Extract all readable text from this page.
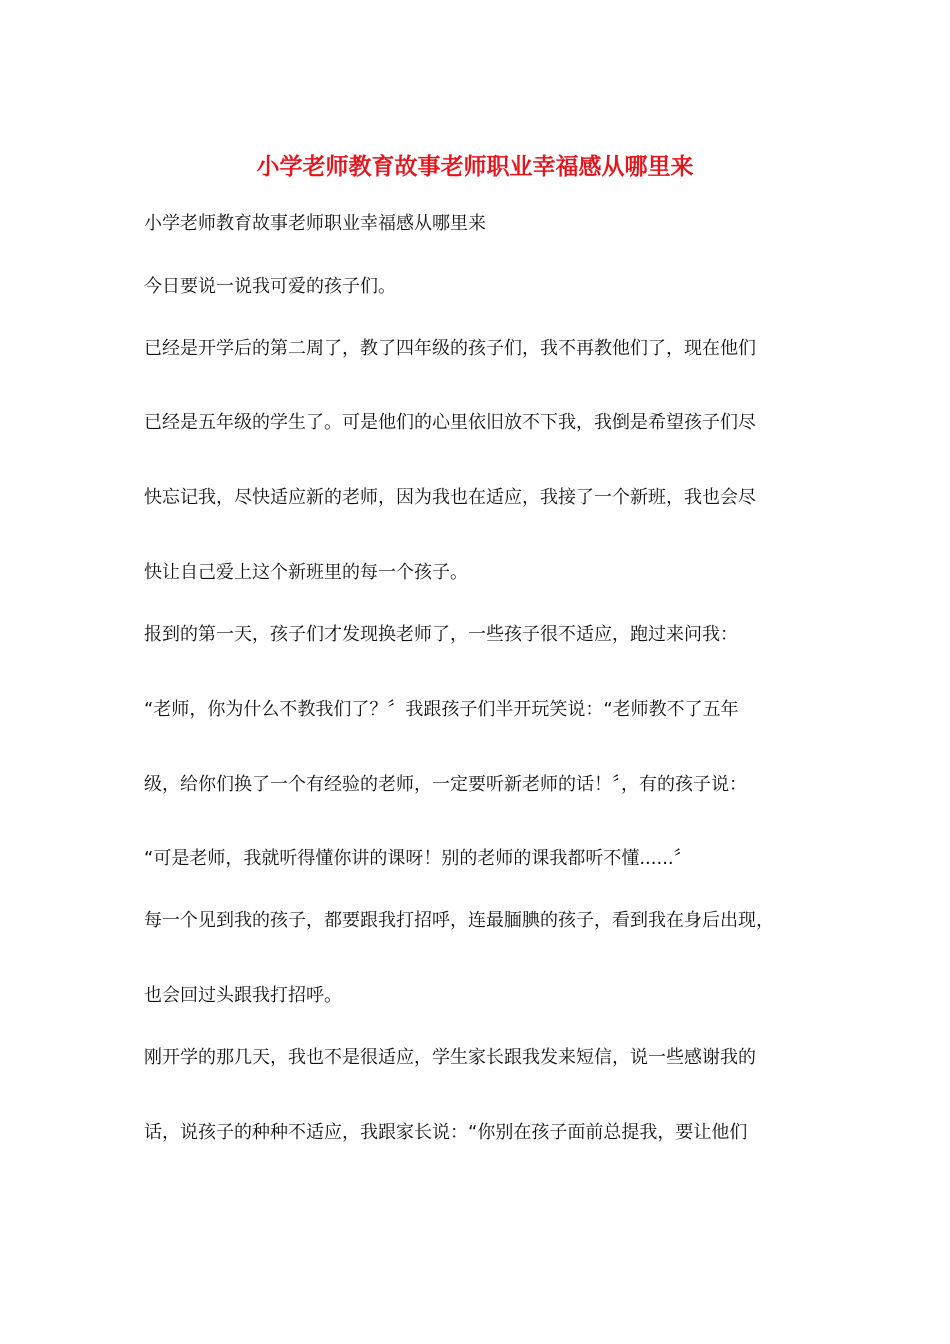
小学老师教育故事老师职业幸福感从哪里来

小学老师教育故事老师职业幸福感从哪里来

今日要说一说我可爱的孩子们。

已经是开学后的第二周了，教了四年级的孩子们，我不再教他们了，现在他们

已经是五年级的学生了。可是他们的心里依旧放不下我，我倒是希望孩子们尽

快忘记我，尽快适应新的老师，因为我也在适应，我接了一个新班，我也会尽

快让自己爱上这个新班里的每一个孩子。

报到的第一天，孩子们才发现换老师了，一些孩子很不适应，跑过来问我：

“老师，你为什么不教我们了？〞我跟孩子们半开玩笑说：“老师教不了五年

级，给你们换了一个有经验的老师，一定要听新老师的话！〞，有的孩子说：

“可是老师，我就听得懂你讲的课呀！别的老师的课我都听不懂......〞

每一个见到我的孩子，都要跟我打招呼，连最腼腆的孩子，看到我在身后出现，

也会回过头跟我打招呼。

刚开学的那几天，我也不是很适应，学生家长跟我发来短信，说一些感谢我的

话，说孩子的种种不适应，我跟家长说：“你别在孩子面前总提我，要让他们
